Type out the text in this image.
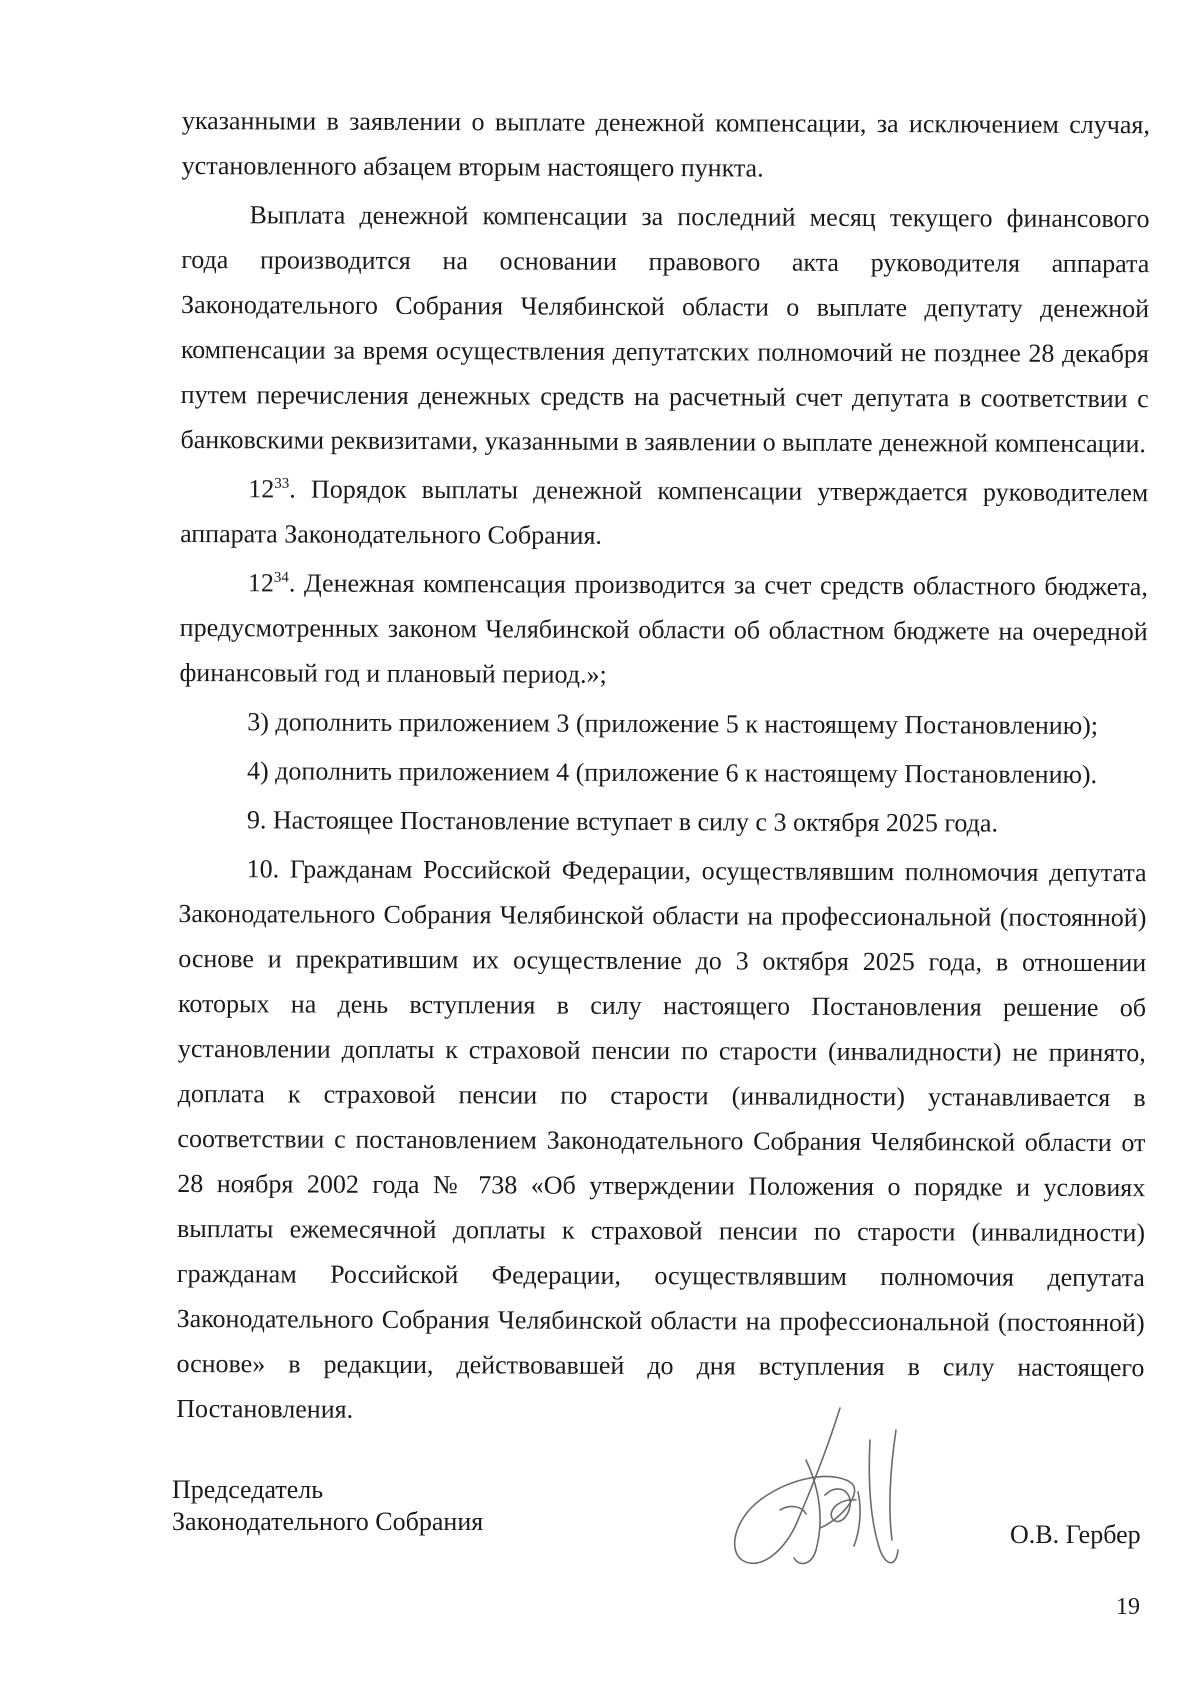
указанными в заявлении о выплате денежной компенсации, за исключением случая, установленного абзацем вторым настоящего пункта.

Выплата денежной компенсации за последний месяц текущего финансового года производится на основании правового акта руководителя аппарата Законодательного Собрания Челябинской области о выплате депутату денежной компенсации за время осуществления депутатских полномочий не позднее 28 декабря путем перечисления денежных средств на расчетный счет депутата в соответствии с банковскими реквизитами, указанными в заявлении о выплате денежной компенсации.

$12^{33}$. Порядок выплаты денежной компенсации утверждается руководителем аппарата Законодательного Собрания.

$12^{34}$. Денежная компенсация производится за счет средств областного бюджета, предусмотренных законом Челябинской области об областном бюджете на очередной финансовый год и плановый период.»;

3) дополнить приложением 3 (приложение 5 к настоящему Постановлению);

4) дополнить приложением 4 (приложение 6 к настоящему Постановлению).

9. Настоящее Постановление вступает в силу с 3 октября 2025 года.

10. Гражданам Российской Федерации, осуществлявшим полномочия депутата Законодательного Собрания Челябинской области на профессиональной (постоянной) основе и прекратившим их осуществление до 3 октября 2025 года, в отношении которых на день вступления в силу настоящего Постановления решение об установлении доплаты к страховой пенсии по старости (инвалидности) не принято, доплата к страховой пенсии по старости (инвалидности) устанавливается в соответствии с постановлением Законодательного Собрания Челябинской области от 28 ноября 2002 года № 738 «Об утверждении Положения о порядке и условиях выплаты ежемесячной доплаты к страховой пенсии по старости (инвалидности) гражданам Российской Федерации, осуществлявшим полномочия депутата Законодательного Собрания Челябинской области на профессиональной (постоянной) основе» в редакции, действовавшей до дня вступления в силу настоящего Постановления.

Председатель
Законодательного Собрания	О.В. Гербер
19
